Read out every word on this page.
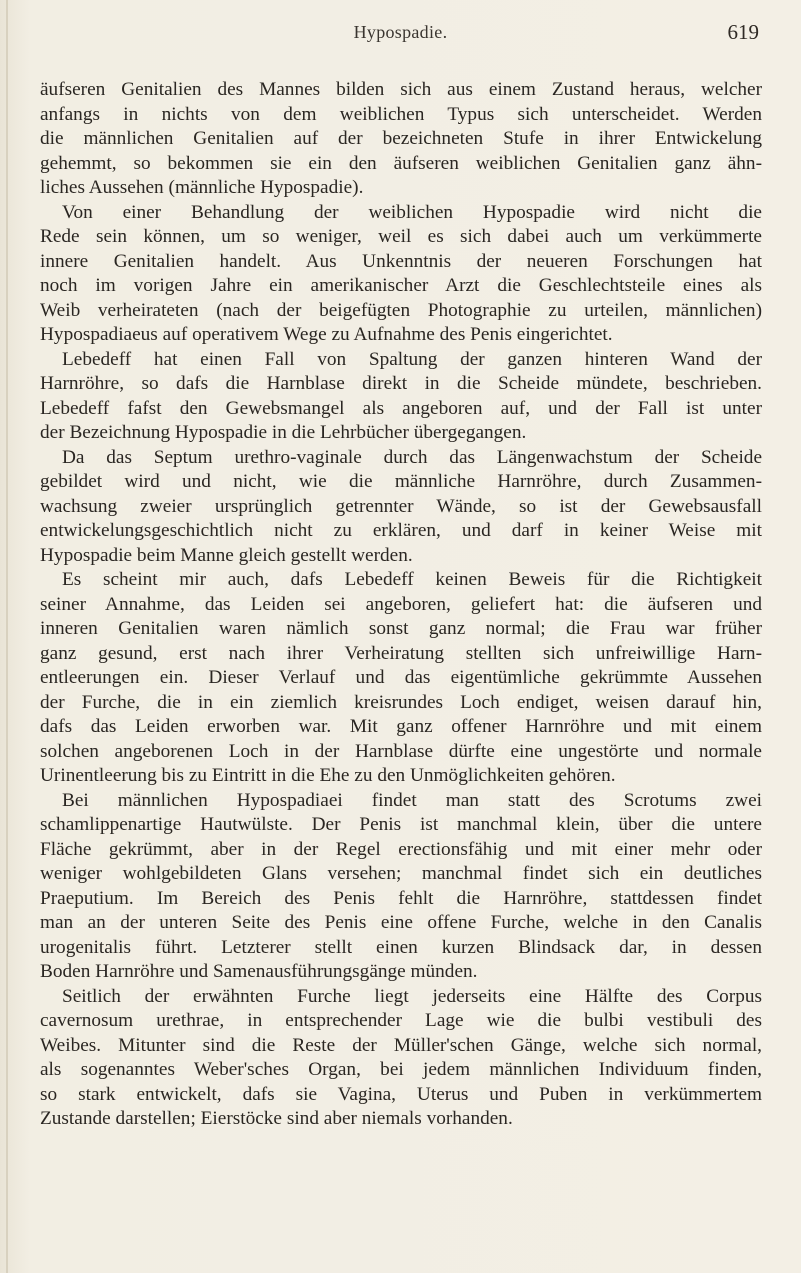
Hypospadie.	619
äufseren Genitalien des Mannes bilden sich aus einem Zustand heraus, welcher
anfangs in nichts von dem weiblichen Typus sich unterscheidet. Werden
die männlichen Genitalien auf der bezeichneten Stufe in ihrer Entwickelung
gehemmt, so bekommen sie ein den äufseren weiblichen Genitalien ganz ähn-
liches Aussehen (männliche Hypospadie).
Von einer Behandlung der weiblichen Hypospadie wird nicht die
Rede sein können, um so weniger, weil es sich dabei auch um verkümmerte
innere Genitalien handelt. Aus Unkenntnis der neueren Forschungen hat
noch im vorigen Jahre ein amerikanischer Arzt die Geschlechtsteile eines als
Weib verheirateten (nach der beigefügten Photographie zu urteilen, männlichen)
Hypospadiaeus auf operativem Wege zu Aufnahme des Penis eingerichtet.
Lebedeff hat einen Fall von Spaltung der ganzen hinteren Wand der
Harnröhre, so dafs die Harnblase direkt in die Scheide mündete, beschrieben.
Lebedeff fafst den Gewebsmangel als angeboren auf, und der Fall ist unter
der Bezeichnung Hypospadie in die Lehrbücher übergegangen.
Da das Septum urethro-vaginale durch das Längenwachstum der Scheide
gebildet wird und nicht, wie die männliche Harnröhre, durch Zusammen-
wachsung zweier ursprünglich getrennter Wände, so ist der Gewebsausfall
entwickelungsgeschichtlich nicht zu erklären, und darf in keiner Weise mit
Hypospadie beim Manne gleich gestellt werden.
Es scheint mir auch, dafs Lebedeff keinen Beweis für die Richtigkeit
seiner Annahme, das Leiden sei angeboren, geliefert hat: die äufseren und
inneren Genitalien waren nämlich sonst ganz normal; die Frau war früher
ganz gesund, erst nach ihrer Verheiratung stellten sich unfreiwillige Harn-
entleerungen ein. Dieser Verlauf und das eigentümliche gekrümmte Aussehen
der Furche, die in ein ziemlich kreisrundes Loch endiget, weisen darauf hin,
dafs das Leiden erworben war. Mit ganz offener Harnröhre und mit einem
solchen angeborenen Loch in der Harnblase dürfte eine ungestörte und normale
Urinentleerung bis zu Eintritt in die Ehe zu den Unmöglichkeiten gehören.
Bei männlichen Hypospadiaei findet man statt des Scrotums zwei
schamlippenartige Hautwülste. Der Penis ist manchmal klein, über die untere
Fläche gekrümmt, aber in der Regel erectionsfähig und mit einer mehr oder
weniger wohlgebildeten Glans versehen; manchmal findet sich ein deutliches
Praeputium. Im Bereich des Penis fehlt die Harnröhre, stattdessen findet
man an der unteren Seite des Penis eine offene Furche, welche in den Canalis
urogenitalis führt. Letzterer stellt einen kurzen Blindsack dar, in dessen
Boden Harnröhre und Samenausführungsgänge münden.
Seitlich der erwähnten Furche liegt jederseits eine Hälfte des Corpus
cavernosum urethrae, in entsprechender Lage wie die bulbi vestibuli des
Weibes. Mitunter sind die Reste der Müller'schen Gänge, welche sich normal,
als sogenanntes Weber'sches Organ, bei jedem männlichen Individuum finden,
so stark entwickelt, dafs sie Vagina, Uterus und Puben in verkümmertem
Zustande darstellen; Eierstöcke sind aber niemals vorhanden.
